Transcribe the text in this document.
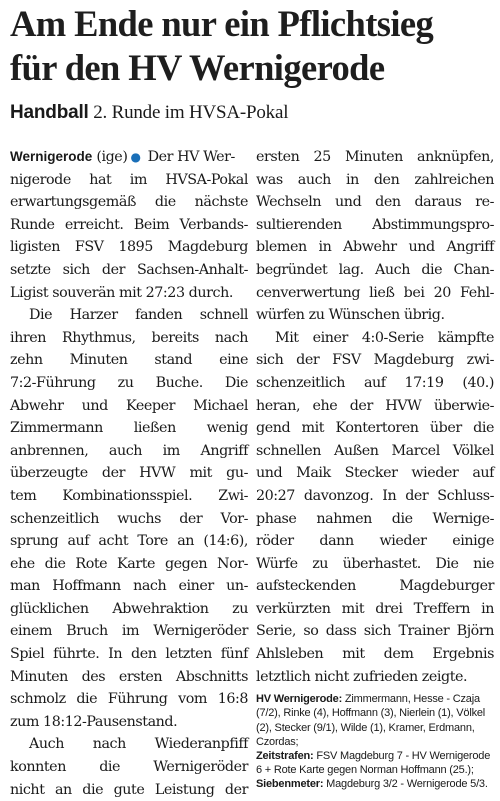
Am Ende nur ein Pflichtsieg
für den HV Wernigerode

Handball 2. Runde im HVSA-Pokal

Wernigerode (ige) ● Der HV Wer-
nigerode hat im HVSA-Pokal
erwartungsgemäß die nächste
Runde erreicht. Beim Verbands-
ligisten FSV 1895 Magdeburg
setzte sich der Sachsen-Anhalt-
Ligist souverän mit 27:23 durch.
Die Harzer fanden schnell
ihren Rhythmus, bereits nach
zehn Minuten stand eine
7:2-Führung zu Buche. Die
Abwehr und Keeper Michael
Zimmermann ließen wenig
anbrennen, auch im Angriff
überzeugte der HVW mit gu-
tem Kombinationsspiel. Zwi-
schenzeitlich wuchs der Vor-
sprung auf acht Tore an (14:6),
ehe die Rote Karte gegen Nor-
man Hoffmann nach einer un-
glücklichen Abwehraktion zu
einem Bruch im Wernigeröder
Spiel führte. In den letzten fünf
Minuten des ersten Abschnitts
schmolz die Führung vom 16:8
zum 18:12-Pausenstand.
Auch nach Wiederanpfiff
konnten die Wernigeröder
nicht an die gute Leistung der
ersten 25 Minuten anknüpfen,
was auch in den zahlreichen
Wechseln und den daraus re-
sultierenden Abstimmungspro-
blemen in Abwehr und Angriff
begründet lag. Auch die Chan-
cenverwertung ließ bei 20 Fehl-
würfen zu Wünschen übrig.
Mit einer 4:0-Serie kämpfte
sich der FSV Magdeburg zwi-
schenzeitlich auf 17:19 (40.)
heran, ehe der HVW überwie-
gend mit Kontertoren über die
schnellen Außen Marcel Völkel
und Maik Stecker wieder auf
20:27 davonzog. In der Schluss-
phase nahmen die Wernige-
röder dann wieder einige
Würfe zu überhastet. Die nie
aufsteckenden Magdeburger
verkürzten mit drei Treffern in
Serie, so dass sich Trainer Björn
Ahlsleben mit dem Ergebnis
letztlich nicht zufrieden zeigte.

HV Wernigerode: Zimmermann, Hesse - Czaja (7/2), Rinke (4), Hoffmann (3), Nierlein (1), Völkel (2), Stecker (9/1), Wilde (1), Kramer, Erdmann, Czordas;

Zeitstrafen: FSV Magdeburg 7 - HV Wernigerode 6 + Rote Karte gegen Norman Hoffmann (25.);

Siebenmeter: Magdeburg 3/2 - Wernigerode 5/3.
